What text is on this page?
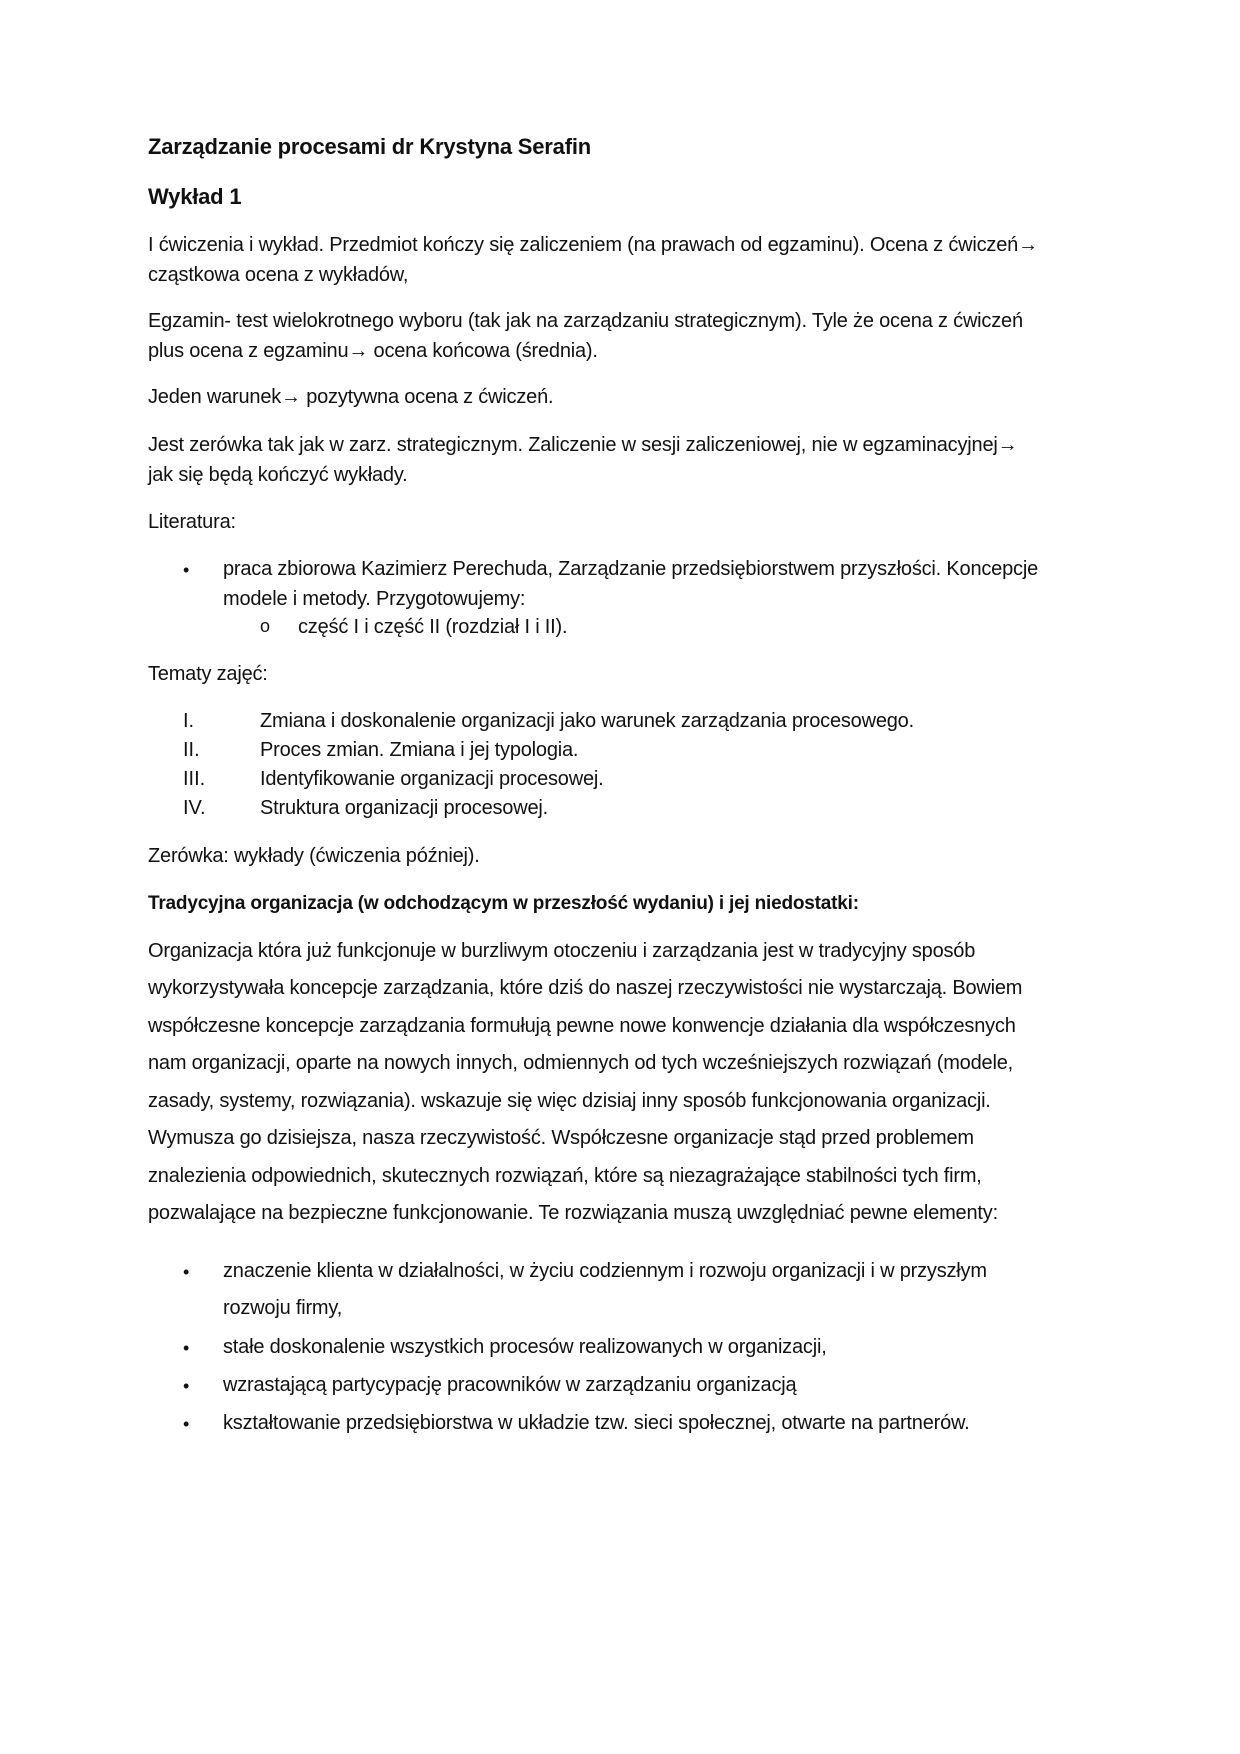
Zarządzanie procesami dr Krystyna Serafin
Wykład 1
I ćwiczenia i wykład. Przedmiot kończy się zaliczeniem (na prawach od egzaminu). Ocena z ćwiczeń→
cząstkowa ocena z wykładów,
Egzamin- test wielokrotnego wyboru (tak jak na zarządzaniu strategicznym). Tyle że ocena z ćwiczeń
plus ocena z egzaminu→ ocena końcowa (średnia).
Jeden warunek→ pozytywna ocena z ćwiczeń.
Jest zerówka tak jak w zarz. strategicznym. Zaliczenie w sesji zaliczeniowej, nie w egzaminacyjnej→
jak się będą kończyć wykłady.
Literatura:
• praca zbiorowa Kazimierz Perechuda, Zarządzanie przedsiębiorstwem przyszłości. Koncepcje
modele i metody. Przygotowujemy:
o część I i część II (rozdział I i II).
Tematy zajęć:
I.	Zmiana i doskonalenie organizacji jako warunek zarządzania procesowego.
II.	Proces zmian. Zmiana i jej typologia.
III.	Identyfikowanie organizacji procesowej.
IV.	Struktura organizacji procesowej.
Zerówka: wykłady (ćwiczenia później).
Tradycyjna organizacja (w odchodzącym w przeszłość wydaniu) i jej niedostatki:
Organizacja która już funkcjonuje w burzliwym otoczeniu i zarządzania jest w tradycyjny sposób
wykorzystywała koncepcje zarządzania, które dziś do naszej rzeczywistości nie wystarczają. Bowiem
współczesne koncepcje zarządzania formułują pewne nowe konwencje działania dla współczesnych
nam organizacji, oparte na nowych innych, odmiennych od tych wcześniejszych rozwiązań (modele,
zasady, systemy, rozwiązania). wskazuje się więc dzisiaj inny sposób funkcjonowania organizacji.
Wymusza go dzisiejsza, nasza rzeczywistość. Współczesne organizacje stąd przed problemem
znalezienia odpowiednich, skutecznych rozwiązań, które są niezagrażające stabilności tych firm,
pozwalające na bezpieczne funkcjonowanie. Te rozwiązania muszą uwzględniać pewne elementy:
• znaczenie klienta w działalności, w życiu codziennym i rozwoju organizacji i w przyszłym
rozwoju firmy,
• stałe doskonalenie wszystkich procesów realizowanych w organizacji,
• wzrastającą partycypację pracowników w zarządzaniu organizacją
• kształtowanie przedsiębiorstwa w układzie tzw. sieci społecznej, otwarte na partnerów.
